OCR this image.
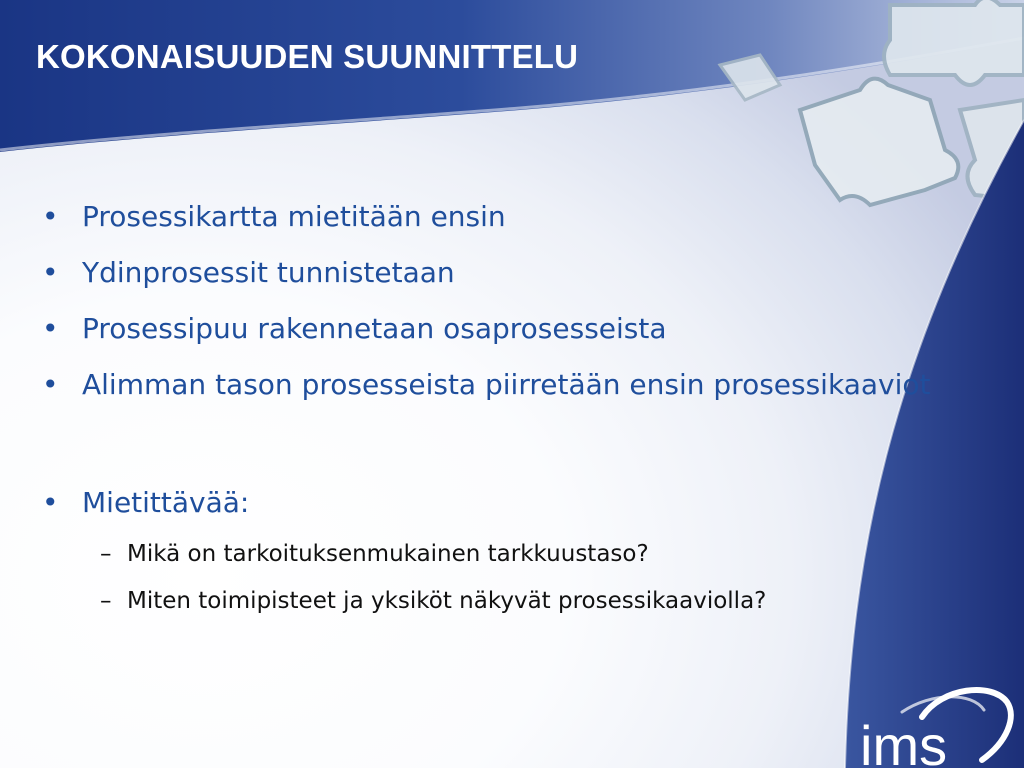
KOKONAISUUDEN SUUNNITTELU
• Prosessikartta mietitään ensin
• Ydinprosessit tunnistetaan
• Prosessipuu rakennetaan osaprosesseista
• Alimman tason prosesseista piirretään ensin prosessikaaviot
• Mietittävää:
– Mikä on tarkoituksenmukainen tarkkuustaso?
– Miten toimipisteet ja yksiköt näkyvät prosessikaaviolla?
ims
